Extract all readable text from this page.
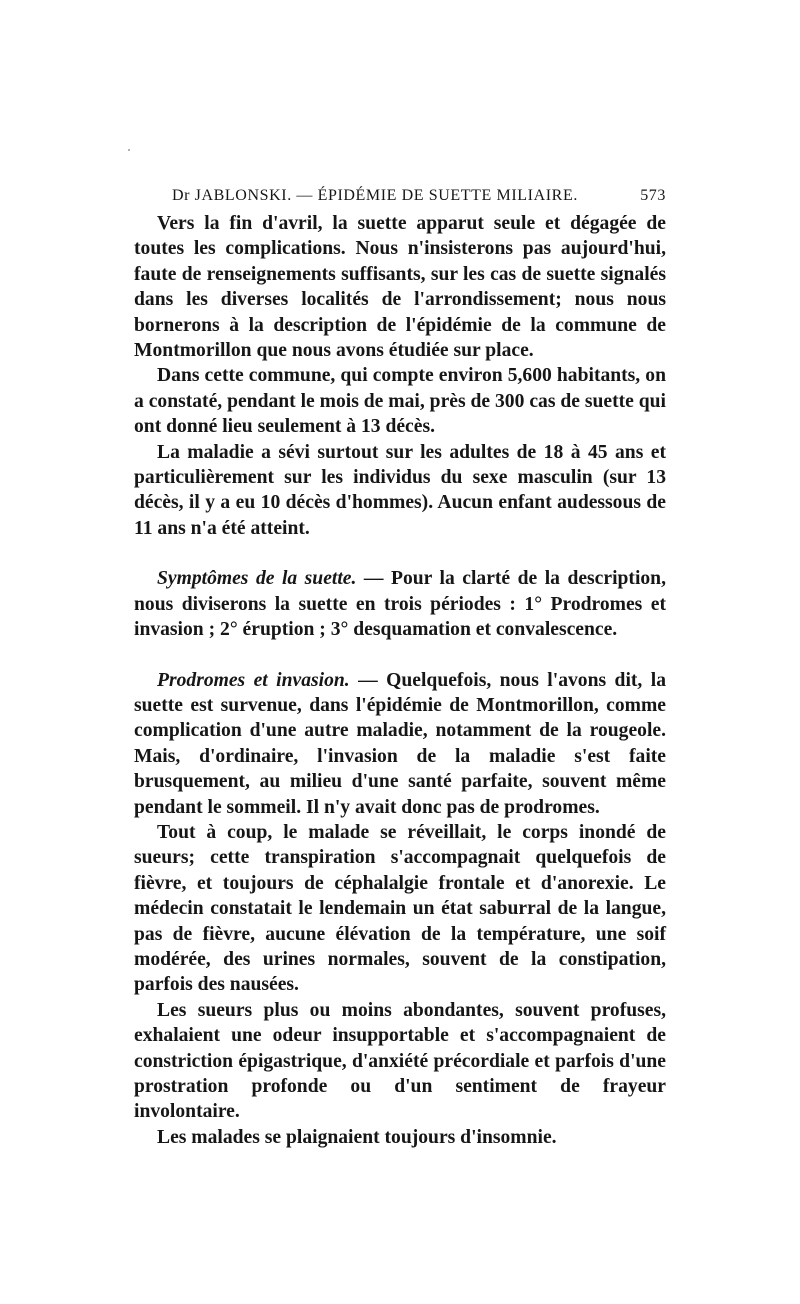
Dr JABLONSKI. — ÉPIDÉMIE DE SUETTE MILIAIRE.	573

Vers la fin d'avril, la suette apparut seule et dégagée de toutes les complications. Nous n'insisterons pas aujourd'hui, faute de renseignements suffisants, sur les cas de suette signalés dans les diverses localités de l'arrondissement; nous nous bornerons à la description de l'épidémie de la commune de Montmorillon que nous avons étudiée sur place.

Dans cette commune, qui compte environ 5,600 habitants, on a constaté, pendant le mois de mai, près de 300 cas de suette qui ont donné lieu seulement à 13 décès.

La maladie a sévi surtout sur les adultes de 18 à 45 ans et particulièrement sur les individus du sexe masculin (sur 13 décès, il y a eu 10 décès d'hommes). Aucun enfant audessous de 11 ans n'a été atteint.

Symptômes de la suette. — Pour la clarté de la description, nous diviserons la suette en trois périodes : 1° Prodromes et invasion ; 2° éruption ; 3° desquamation et convalescence.

Prodromes et invasion. — Quelquefois, nous l'avons dit, la suette est survenue, dans l'épidémie de Montmorillon, comme complication d'une autre maladie, notamment de la rougeole. Mais, d'ordinaire, l'invasion de la maladie s'est faite brusquement, au milieu d'une santé parfaite, souvent même pendant le sommeil. Il n'y avait donc pas de prodromes.

Tout à coup, le malade se réveillait, le corps inondé de sueurs; cette transpiration s'accompagnait quelquefois de fièvre, et toujours de céphalalgie frontale et d'anorexie. Le médecin constatait le lendemain un état saburral de la langue, pas de fièvre, aucune élévation de la température, une soif modérée, des urines normales, souvent de la constipation, parfois des nausées.

Les sueurs plus ou moins abondantes, souvent profuses, exhalaient une odeur insupportable et s'accompagnaient de constriction épigastrique, d'anxiété précordiale et parfois d'une prostration profonde ou d'un sentiment de frayeur involontaire.

Les malades se plaignaient toujours d'insomnie.
